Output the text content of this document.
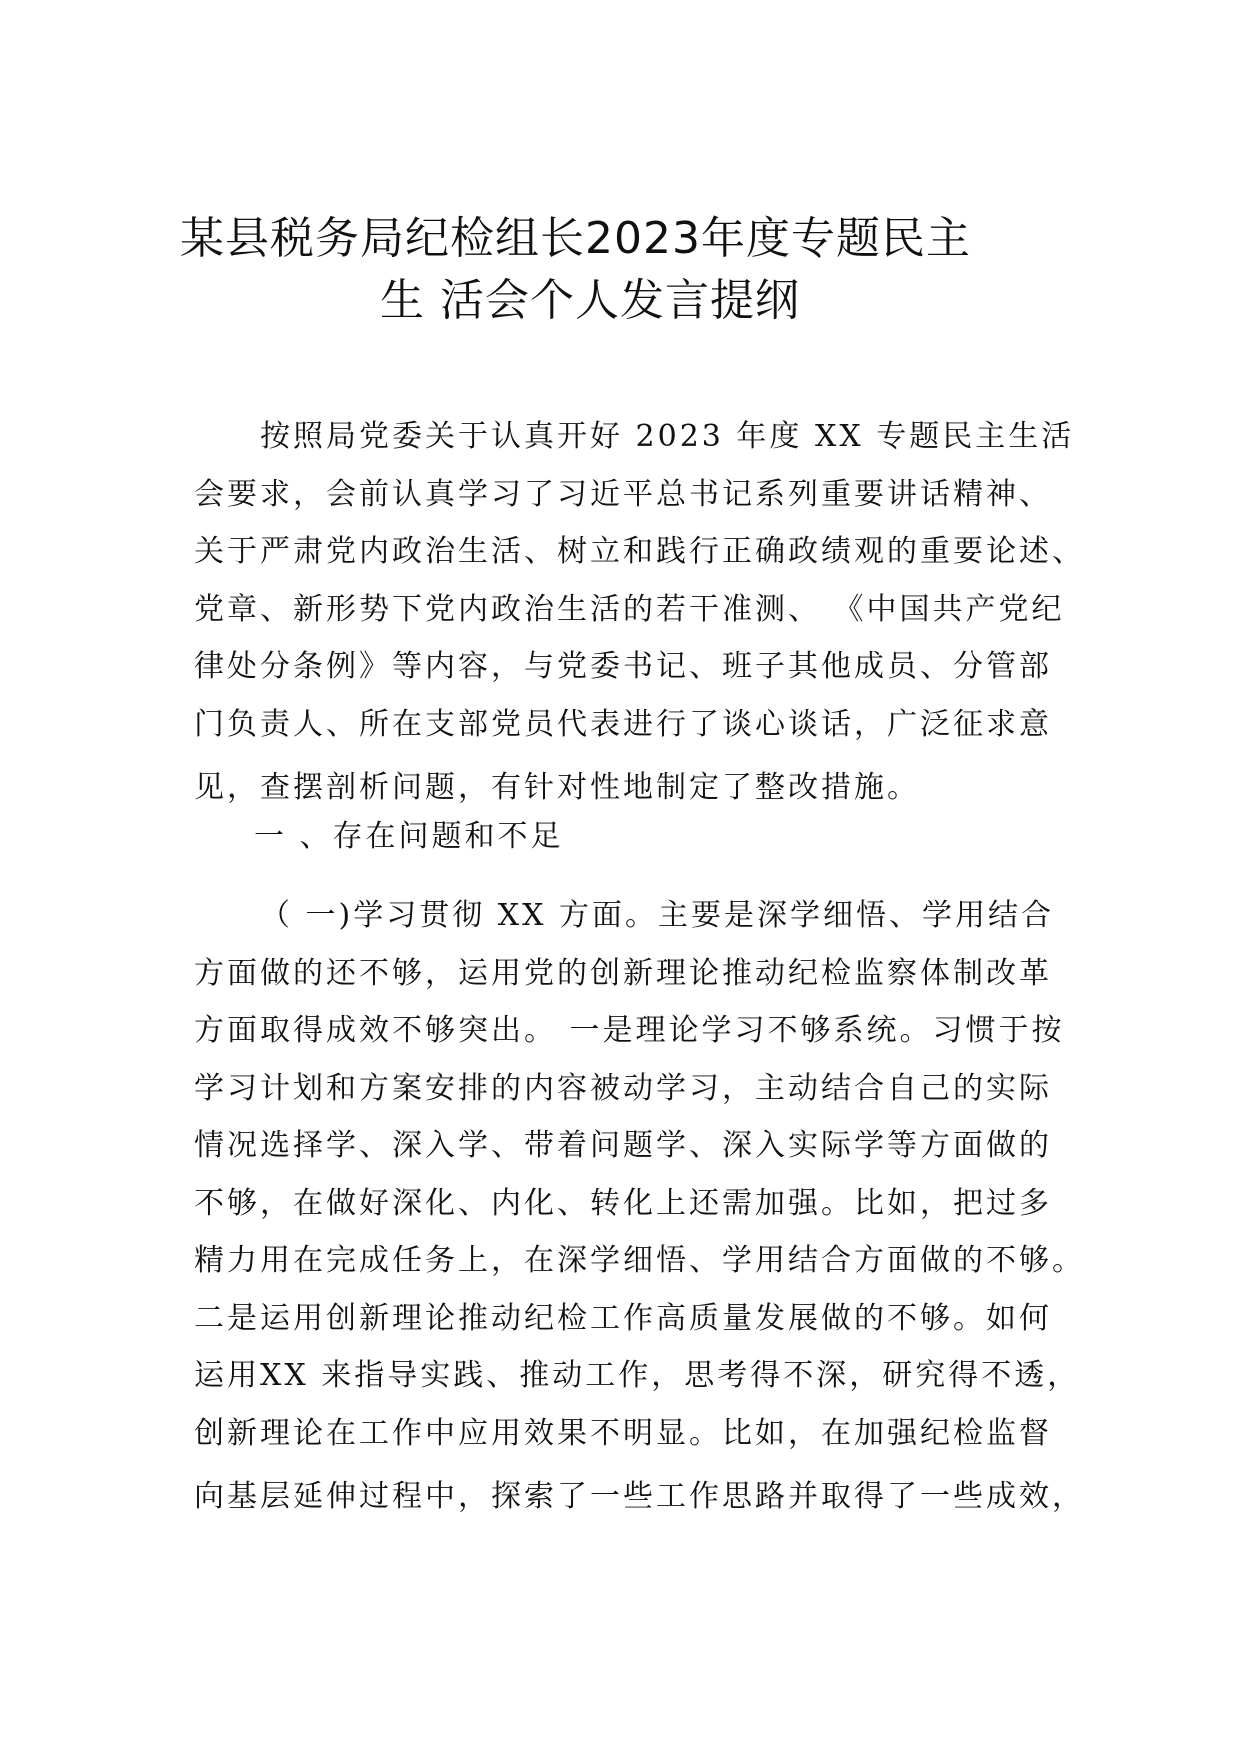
某县税务局纪检组长2023年度专题民主
生 活会个人发言提纲
按照局党委关于认真开好 2023 年度 XX 专题民主生活
会要求，会前认真学习了习近平总书记系列重要讲话精神、
关于严肃党内政治生活、树立和践行正确政绩观的重要论述、
党章、新形势下党内政治生活的若干准测、 《中国共产党纪
律处分条例》等内容，与党委书记、班子其他成员、分管部
门负责人、所在支部党员代表进行了谈心谈话，广泛征求意
见，查摆剖析问题，有针对性地制定了整改措施。
一 、存在问题和不足
（ 一)学习贯彻 XX 方面。主要是深学细悟、学用结合
方面做的还不够，运用党的创新理论推动纪检监察体制改革
方面取得成效不够突出。 一是理论学习不够系统。习惯于按
学习计划和方案安排的内容被动学习，主动结合自己的实际
情况选择学、深入学、带着问题学、深入实际学等方面做的
不够，在做好深化、内化、转化上还需加强。比如，把过多
精力用在完成任务上，在深学细悟、学用结合方面做的不够。
二是运用创新理论推动纪检工作高质量发展做的不够。如何
运用XX 来指导实践、推动工作，思考得不深，研究得不透，
创新理论在工作中应用效果不明显。比如，在加强纪检监督
向基层延伸过程中，探索了一些工作思路并取得了一些成效，
